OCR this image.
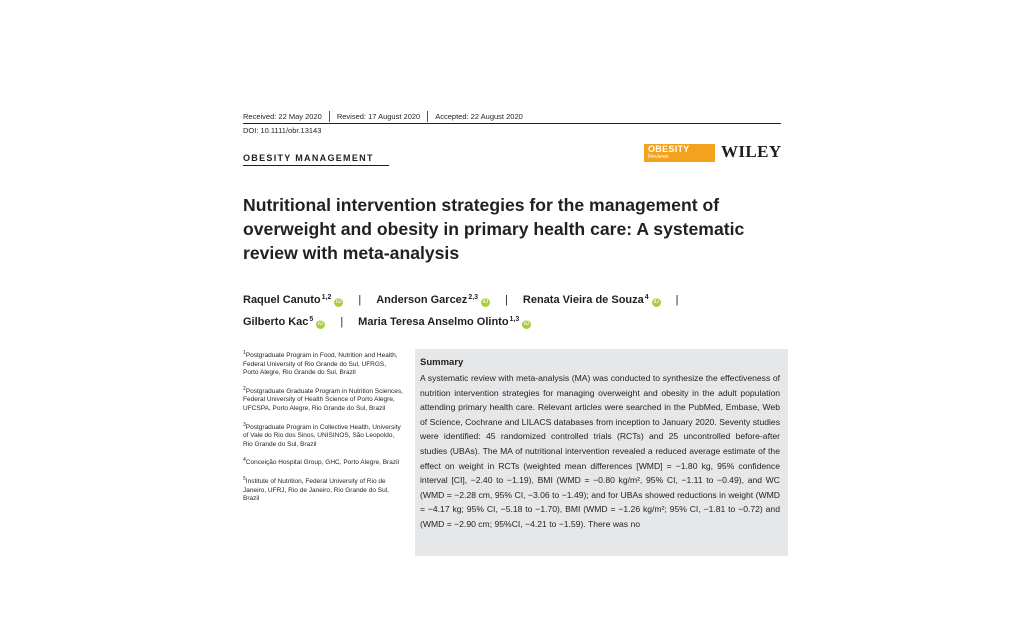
Received: 22 May 2020	Revised: 17 August 2020	Accepted: 22 August 2020
DOI: 10.1111/obr.13143
OBESITY MANAGEMENT
OBESITY
Reviews	WILEY
Nutritional intervention strategies for the management of overweight and obesity in primary health care: A systematic review with meta-analysis
Raquel Canuto$^{1,2}$iD | Anderson Garcez$^{2,3}$iD | Renata Vieira de Souza$^4$iD |
Gilberto Kac$^5$iD | Maria Teresa Anselmo Olinto$^{1,3}$iD

$^1$Postgraduate Program in Food, Nutrition and Health, Federal University of Rio Grande do Sul, UFRGS, Porto Alegre, Rio Grande do Sul, Brazil

$^2$Postgraduate Graduate Program in Nutrition Sciences, Federal University of Health Science of Porto Alegre, UFCSPA, Porto Alegre, Rio Grande do Sul, Brazil

$^3$Postgraduate Program in Collective Health, University of Vale do Rio dos Sinos, UNISINOS, São Leopoldo, Rio Grande do Sul, Brazil

$^4$Conceição Hospital Group, GHC, Porto Alegre, Brazil

$^5$Institute of Nutrition, Federal University of Rio de Janeiro, UFRJ, Rio de Janeiro, Rio Grande do Sul, Brazil

Summary

A systematic review with meta-analysis (MA) was conducted to synthesize the effectiveness of nutrition intervention strategies for managing overweight and obesity in the adult population attending primary health care. Relevant articles were searched in the PubMed, Embase, Web of Science, Cochrane and LILACS databases from inception to January 2020. Seventy studies were identified: 45 randomized controlled trials (RCTs) and 25 uncontrolled before-after studies (UBAs). The MA of nutritional intervention revealed a reduced average estimate of the effect on weight in RCTs (weighted mean differences [WMD] = −1.80 kg, 95% confidence interval [CI], −2.40 to −1.19), BMI (WMD = −0.80 kg/m², 95% CI, −1.11 to −0.49), and WC (WMD = −2.28 cm, 95% CI, −3.06 to −1.49); and for UBAs showed reductions in weight (WMD = −4.17 kg; 95% CI, −5.18 to −1.70), BMI (WMD = −1.26 kg/m²; 95% CI, −1.81 to −0.72) and (WMD = −2.90 cm; 95%CI, −4.21 to −1.59). There was no
